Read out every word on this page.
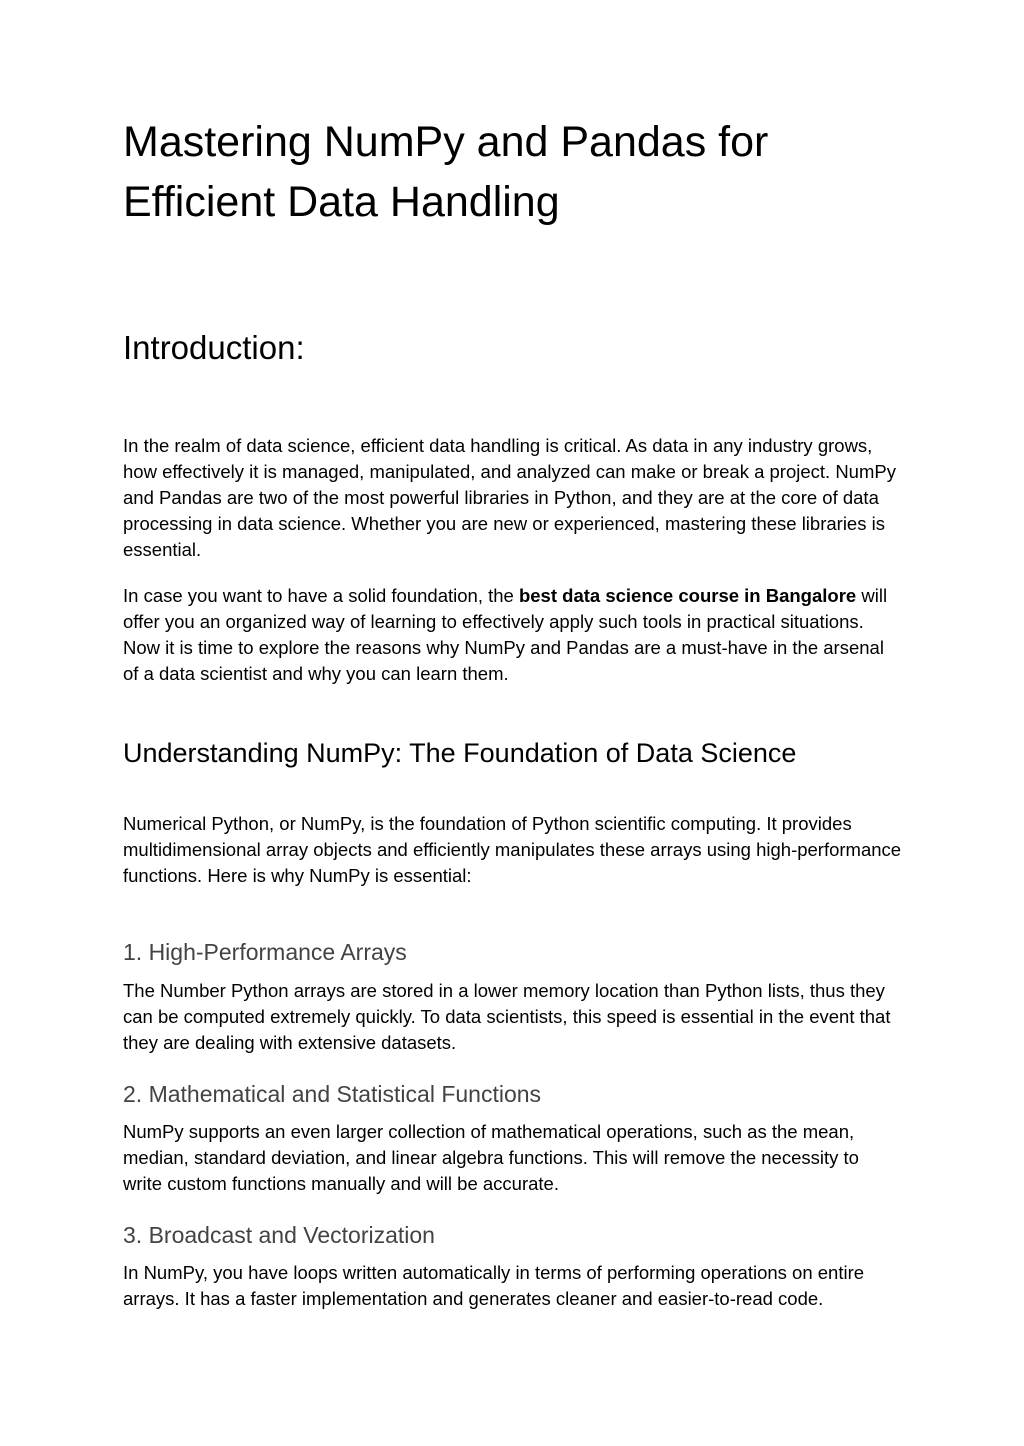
Mastering NumPy and Pandas for Efficient Data Handling
Introduction:

In the realm of data science, efficient data handling is critical. As data in any industry grows, how effectively it is managed, manipulated, and analyzed can make or break a project. NumPy and Pandas are two of the most powerful libraries in Python, and they are at the core of data processing in data science. Whether you are new or experienced, mastering these libraries is essential.

In case you want to have a solid foundation, the best data science course in Bangalore will offer you an organized way of learning to effectively apply such tools in practical situations. Now it is time to explore the reasons why NumPy and Pandas are a must-have in the arsenal of a data scientist and why you can learn them.

Understanding NumPy: The Foundation of Data Science

Numerical Python, or NumPy, is the foundation of Python scientific computing. It provides multidimensional array objects and efficiently manipulates these arrays using high-performance functions. Here is why NumPy is essential:

1. High-Performance Arrays

The Number Python arrays are stored in a lower memory location than Python lists, thus they can be computed extremely quickly. To data scientists, this speed is essential in the event that they are dealing with extensive datasets.

2. Mathematical and Statistical Functions

NumPy supports an even larger collection of mathematical operations, such as the mean, median, standard deviation, and linear algebra functions. This will remove the necessity to write custom functions manually and will be accurate.

3. Broadcast and Vectorization

In NumPy, you have loops written automatically in terms of performing operations on entire arrays. It has a faster implementation and generates cleaner and easier-to-read code.
